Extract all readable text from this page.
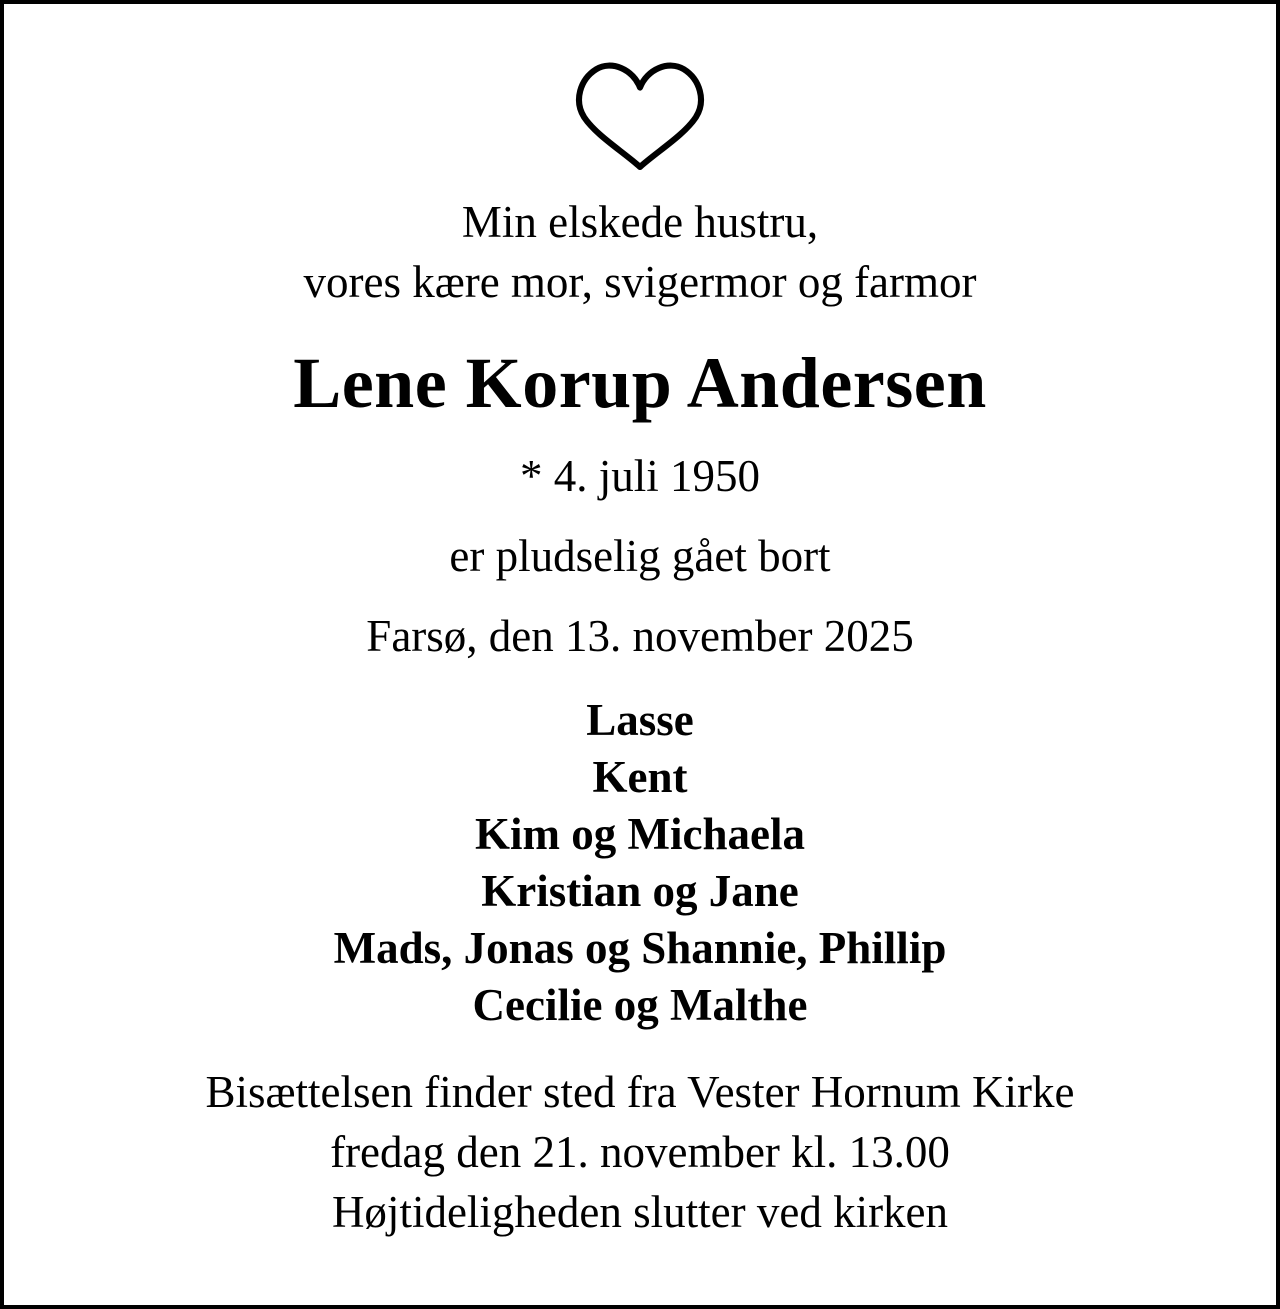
Min elskede hustru,
vores kære mor, svigermor og farmor
Lene Korup Andersen
* 4. juli 1950
er pludselig gået bort
Farsø, den 13. november 2025
Lasse
Kent
Kim og Michaela
Kristian og Jane
Mads, Jonas og Shannie, Phillip
Cecilie og Malthe
Bisættelsen finder sted fra Vester Hornum Kirke
fredag den 21. november kl. 13.00
Højtideligheden slutter ved kirken
